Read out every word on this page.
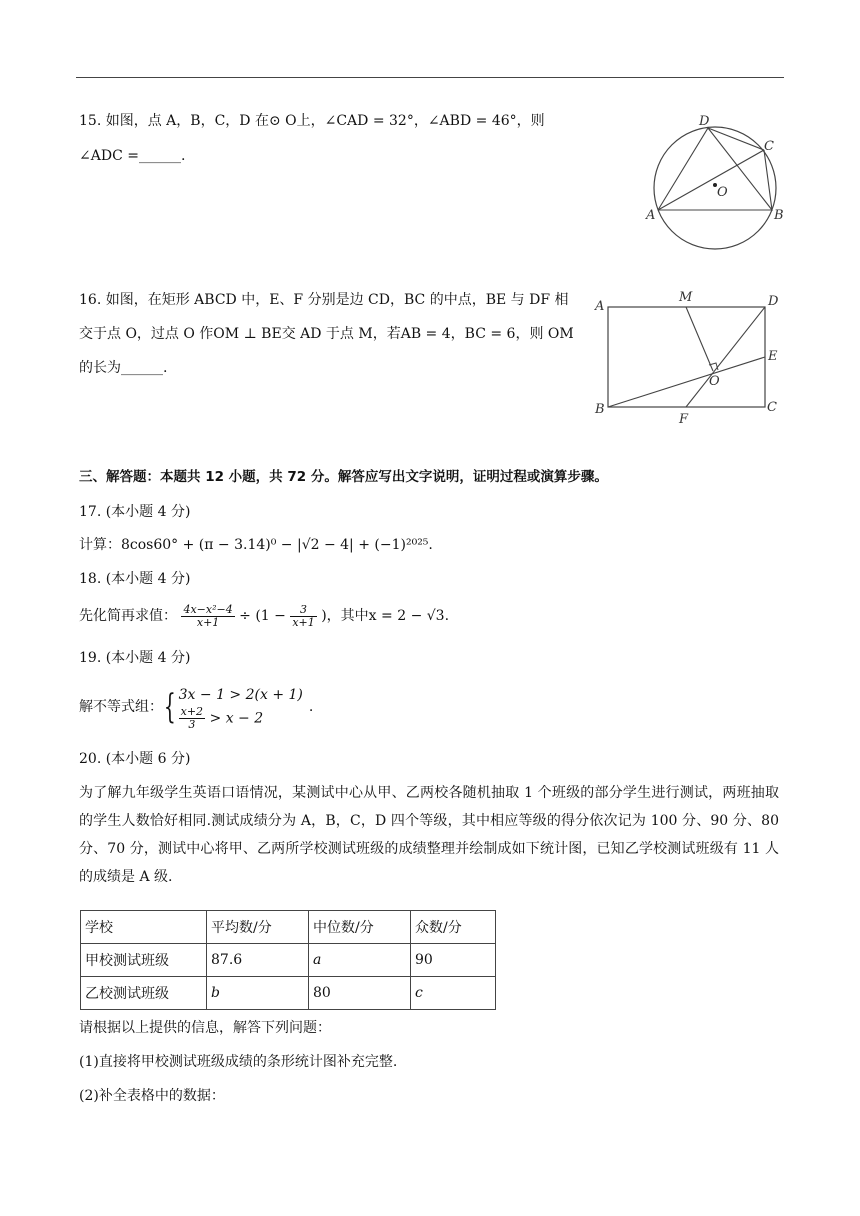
15. 如图，点 A，B，C，D 在⊙ O上，∠CAD = 32°，∠ABD = 46°，则
∠ADC =______.
A	B
C
D
O
16. 如图，在矩形 ABCD 中，E、F 分别是边 CD，BC 的中点，BE 与 DF 相
交于点 O，过点 O 作OM ⊥ BE交 AD 于点 M，若AB = 4，BC = 6，则 OM
的长为______.
A
B	C
D
E
F
M
O
三、解答题：本题共 12 小题，共 72 分。解答应写出文字说明，证明过程或演算步骤。
17. (本小题 4 分)
计算：8cos60° + (π − 3.14)⁰ − |√2 − 4| + (−1)²⁰²⁵.
18. (本小题 4 分)
先化简再求值： $\frac{\text{4x−x²−4}}{x+1} \div (1 - \frac{3}{x+1}$ )，其中x = 2 − √3.
19. (本小题 4 分)
解不等式组：{ 3x − 1 > 2(x + 1)
$\frac{x+2}{3} > x - 2$
.
20. (本小题 6 分)
为了解九年级学生英语口语情况，某测试中心从甲、乙两校各随机抽取 1 个班级的部分学生进行测试，两班抽取的学生人数恰好相同.测试成绩分为 A，B，C，D 四个等级，其中相应等级的得分依次记为 100 分、90 分、80 分、70 分，测试中心将甲、乙两所学校测试班级的成绩整理并绘制成如下统计图，已知乙学校测试班级有 11 人的成绩是 A 级.
学校	平均数/分	中位数/分	众数/分
甲校测试班级	87.6	a	90
乙校测试班级	b	80	c
请根据以上提供的信息，解答下列问题：
(1)直接将甲校测试班级成绩的条形统计图补充完整.
(2)补全表格中的数据：
